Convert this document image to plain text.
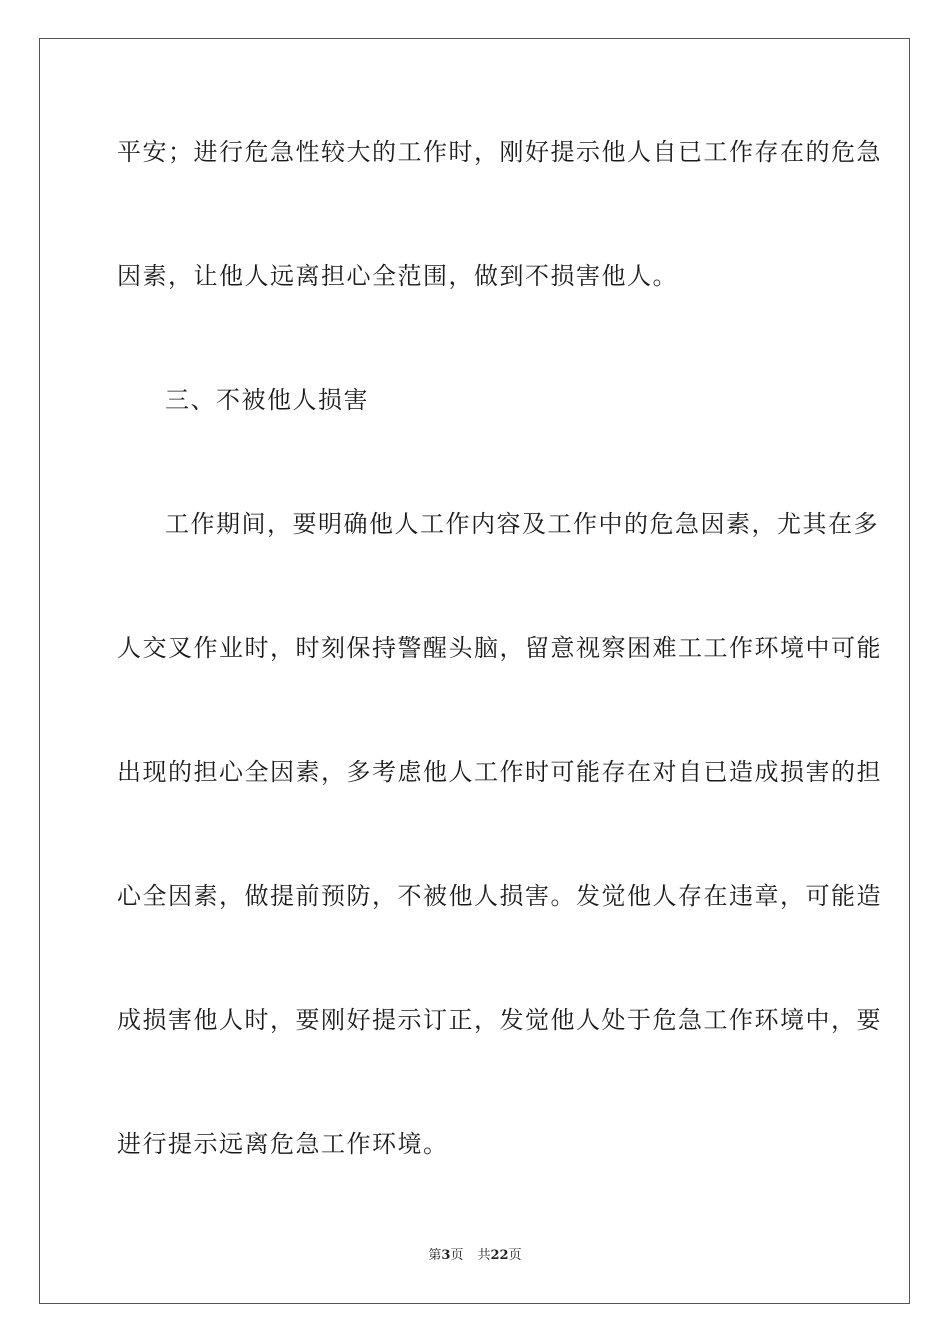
平安；进行危急性较大的工作时，刚好提示他人自已工作存在的危急
因素，让他人远离担心全范围，做到不损害他人。
三、不被他人损害
工作期间，要明确他人工作内容及工作中的危急因素，尤其在多
人交叉作业时，时刻保持警醒头脑，留意视察困难工工作环境中可能
出现的担心全因素，多考虑他人工作时可能存在对自已造成损害的担
心全因素，做提前预防，不被他人损害。发觉他人存在违章，可能造
成损害他人时，要刚好提示订正，发觉他人处于危急工作环境中，要
进行提示远离危急工作环境。
第3页 共22页
